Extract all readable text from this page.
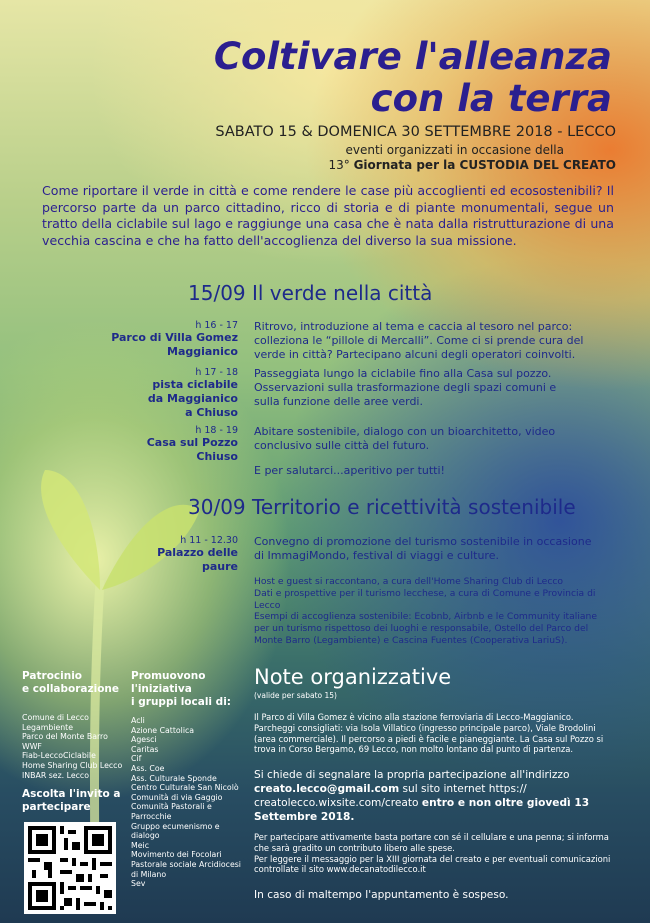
Coltivare l'alleanza
con la terra
SABATO 15 & DOMENICA 30 SETTEMBRE 2018 - LECCO
eventi organizzati in occasione della
13° Giornata per la CUSTODIA DEL CREATO
Come riportare il verde in città e come rendere le case più accoglienti ed ecosostenibili? Il percorso parte da un parco cittadino, ricco di storia e di piante monumentali, segue un tratto della ciclabile sul lago e raggiunge una casa che è nata dalla ristrutturazione di una vecchia cascina e che ha fatto dell'accoglienza del diverso la sua missione.
15/09 Il verde nella città
h 16 - 17
Parco di Villa Gomez
Maggianico
Ritrovo, introduzione al tema e caccia al tesoro nel parco: colleziona le “pillole di Mercalli”. Come ci si prende cura del verde in città? Partecipano alcuni degli operatori coinvolti.
h 17 - 18
pista ciclabile
da Maggianico
a Chiuso
Passeggiata lungo la ciclabile fino alla Casa sul pozzo. Osservazioni sulla trasformazione degli spazi comuni e sulla funzione delle aree verdi.
h 18 - 19
Casa sul Pozzo
Chiuso
Abitare sostenibile, dialogo con un bioarchitetto, video conclusivo sulle città del futuro.
E per salutarci...aperitivo per tutti!
30/09 Territorio e ricettività sostenibile
h 11 - 12.30
Palazzo delle
paure
Convegno di promozione del turismo sostenibile in occasione di ImmagiMondo, festival di viaggi e culture.
Host e guest si raccontano, a cura dell'Home Sharing Club di Lecco
Dati e prospettive per il turismo lecchese, a cura di Comune e Provincia di Lecco
Esempi di accoglienza sostenibile: Ecobnb, Airbnb e le Community italiane per un turismo rispettoso dei luoghi e responsabile, Ostello del Parco del Monte Barro (Legambiente) e Cascina Fuentes (Cooperativa LariuS).
Patrocinio
e collaborazione
Comune di Lecco
Legambiente
Parco del Monte Barro
WWF
Fiab-LeccoCiclabile
Home Sharing Club Lecco
INBAR sez. Lecco
Ascolta l'invito a
partecipare
Promuovono
l'iniziativa
i gruppi locali di:
Acli
Azione Cattolica
Agesci
Caritas
Cif
Ass. Coe
Ass. Culturale Sponde
Centro Culturale San Nicolò
Comunità di via Gaggio
Comunità Pastorali e
Parrocchie
Gruppo ecumenismo e
dialogo
Meic
Movimento dei Focolari
Pastorale sociale Arcidiocesi
di Milano
Sev
Note organizzative
(valide per sabato 15)
Il Parco di Villa Gomez è vicino alla stazione ferroviaria di Lecco-Maggianico. Parcheggi consigliati: via Isola Villatico (ingresso principale parco), Viale Brodolini (area commerciale). Il percorso a piedi è facile e pianeggiante. La Casa sul Pozzo si trova in Corso Bergamo, 69 Lecco, non molto lontano dal punto di partenza.
Si chiede di segnalare la propria partecipazione all'indirizzo creato.lecco@gmail.com sul sito internet https:// creatolecco.wixsite.com/creato entro e non oltre giovedì 13 Settembre 2018.
Per partecipare attivamente basta portare con sé il cellulare e una penna; si informa che sarà gradito un contributo libero alle spese.
Per leggere il messaggio per la XIII giornata del creato e per eventuali comunicazioni controllate il sito www.decanatodilecco.it
In caso di maltempo l'appuntamento è sospeso.
